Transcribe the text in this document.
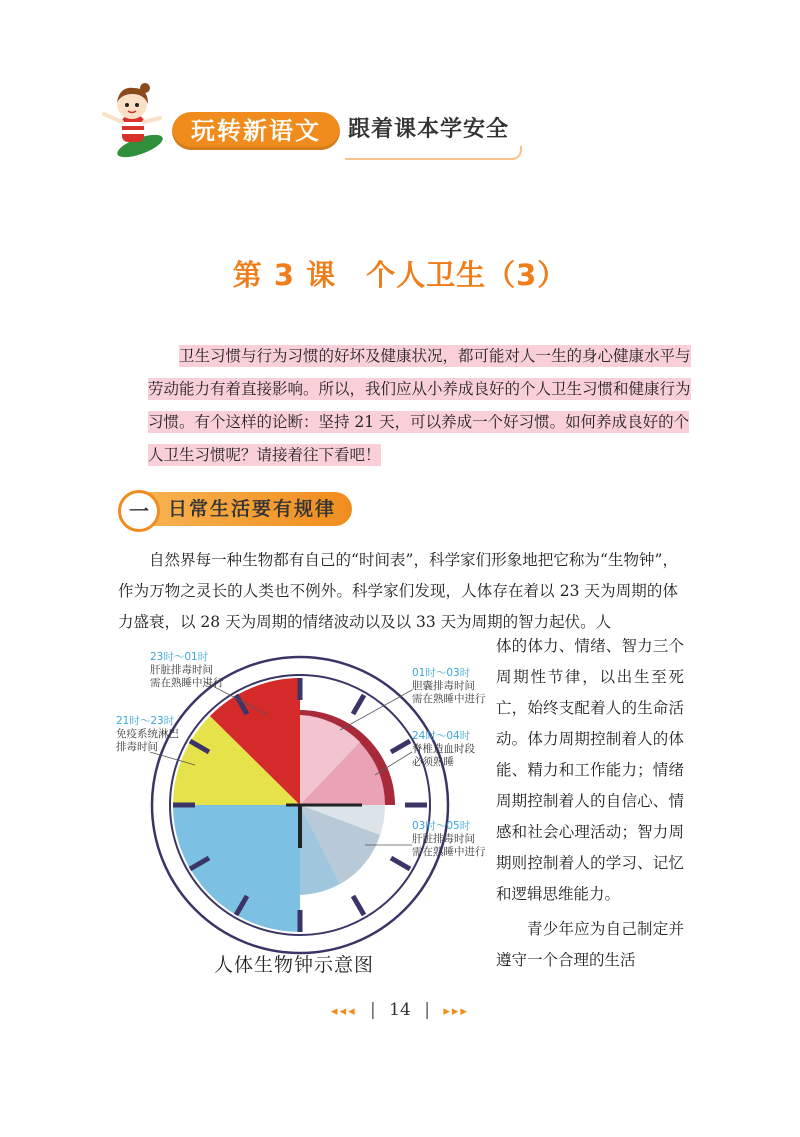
玩转新语文	跟着课本学安全
第 3 课　个人卫生（3）

卫生习惯与行为习惯的好坏及健康状况，都可能对人一生的身心健康水平与劳动能力有着直接影响。所以，我们应从小养成良好的个人卫生习惯和健康行为习惯。有个这样的论断：坚持 21 天，可以养成一个好习惯。如何养成良好的个人卫生习惯呢？请接着往下看吧！

一	日常生活要有规律

自然界每一种生物都有自己的“时间表”，科学家们形象地把它称为“生物钟”，作为万物之灵长的人类也不例外。科学家们发现，人体存在着以 23 天为周期的体力盛衰，以 28 天为周期的情绪波动以及以 33 天为周期的智力起伏。人

体的体力、情绪、智力三个周期性节律，以出生至死亡，始终支配着人的生命活动。体力周期控制着人的体能、精力和工作能力；情绪周期控制着人的自信心、情感和社会心理活动；智力周期则控制着人的学习、记忆和逻辑思维能力。

青少年应为自己制定并遵守一个合理的生活

23时～01时
肝脏排毒时间
需在熟睡中进行
21时～23时
免疫系统淋巴
排毒时间
01时～03时
胆囊排毒时间
需在熟睡中进行
24时～04时
脊椎造血时段
必须熟睡
03时～05时
肝脏排毒时间
需在熟睡中进行
人体生物钟示意图
◂◂◂ | 14 | ▸▸▸
